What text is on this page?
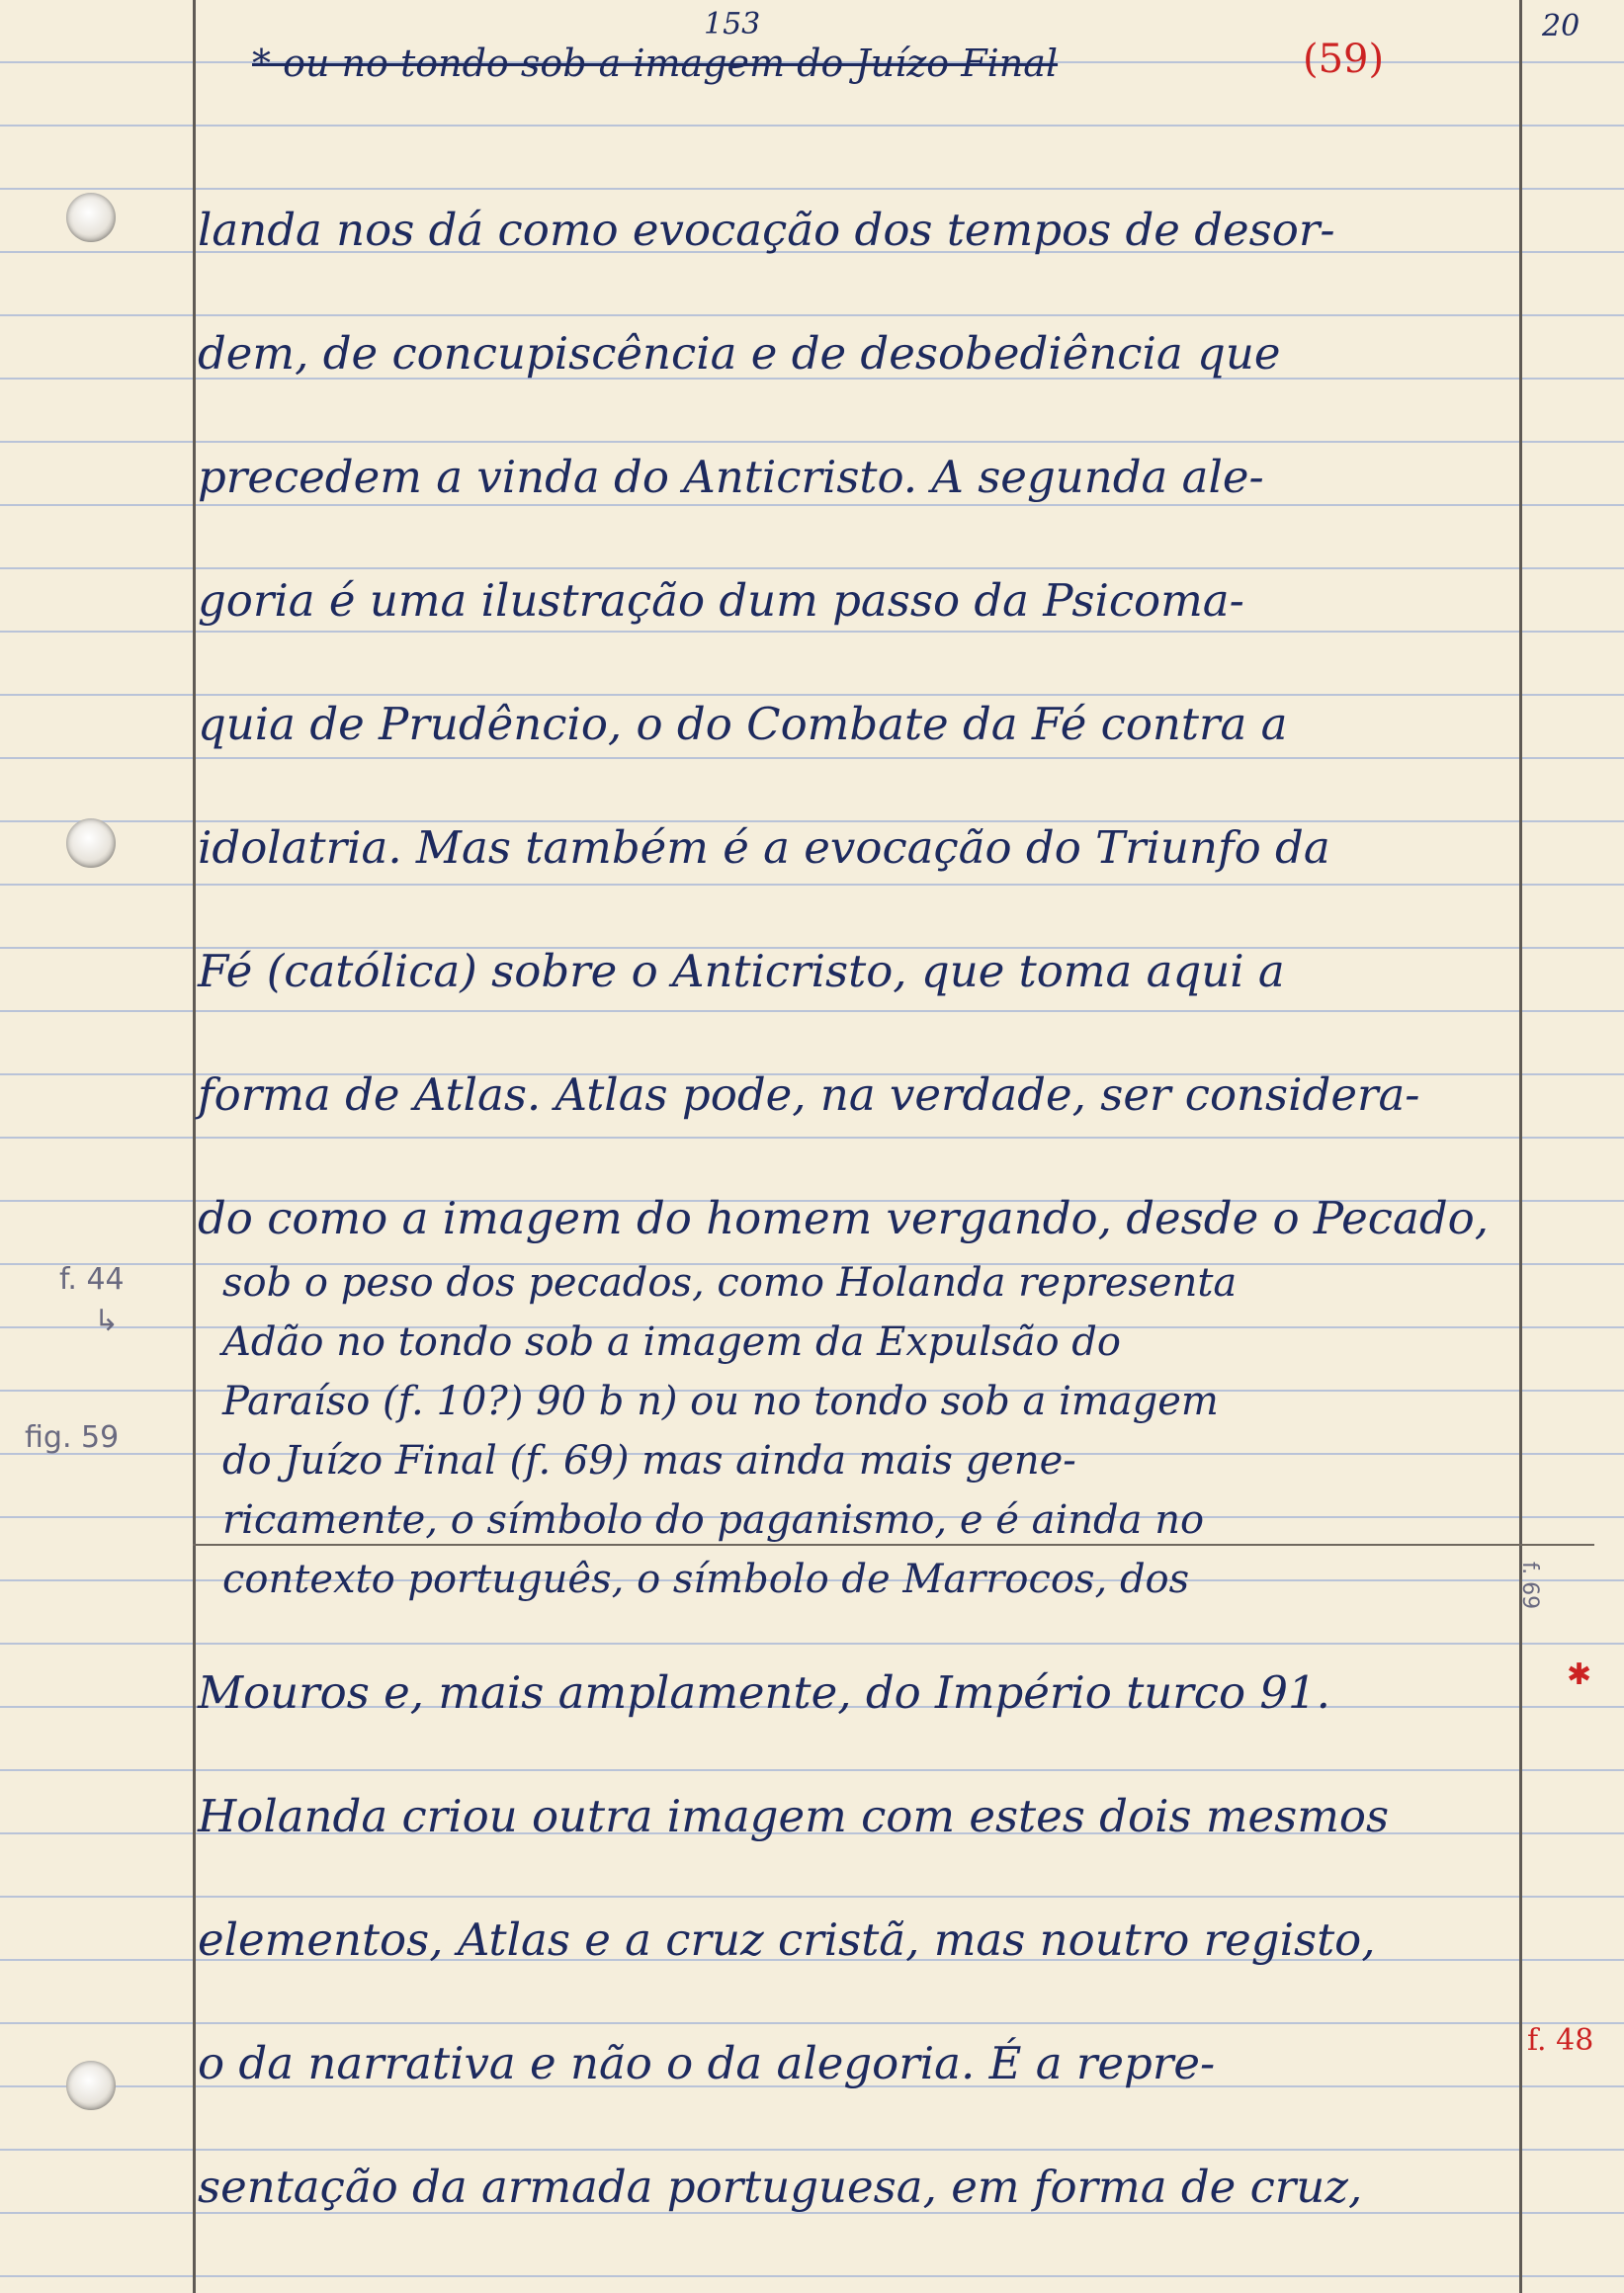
20
153
* ou no tondo sob a imagem do Juízo Final	(59)
landa nos dá como evocação dos tempos de desor-
dem, de concupiscência e de desobediência que
precedem a vinda do Anticristo. A segunda ale-
goria é uma ilustração dum passo da Psicoma-
quia de Prudêncio, o do Combate da Fé contra a
idolatria. Mas também é a evocação do Triunfo da
Fé (católica) sobre o Anticristo, que toma aqui a
forma de Atlas. Atlas pode, na verdade, ser considera-
do como a imagem do homem vergando, desde o Pecado,
sob o peso dos pecados, como Holanda representa
Adão no tondo sob a imagem da Expulsão do
Paraíso (f. 10?) 90 b n) ou no tondo sob a imagem
do Juízo Final (f. 69) mas ainda mais gene-
ricamente, o símbolo do paganismo, e é ainda no
contexto português, o símbolo de Marrocos, dos
Mouros e, mais amplamente, do Império turco 91.
Holanda criou outra imagem com estes dois mesmos
elementos, Atlas e a cruz cristã, mas noutro registo,
o da narrativa e não o da alegoria. É a repre-
sentação da armada portuguesa, em forma de cruz,
f. 44
↳
fig. 59
f. 48
f. 69
✱
